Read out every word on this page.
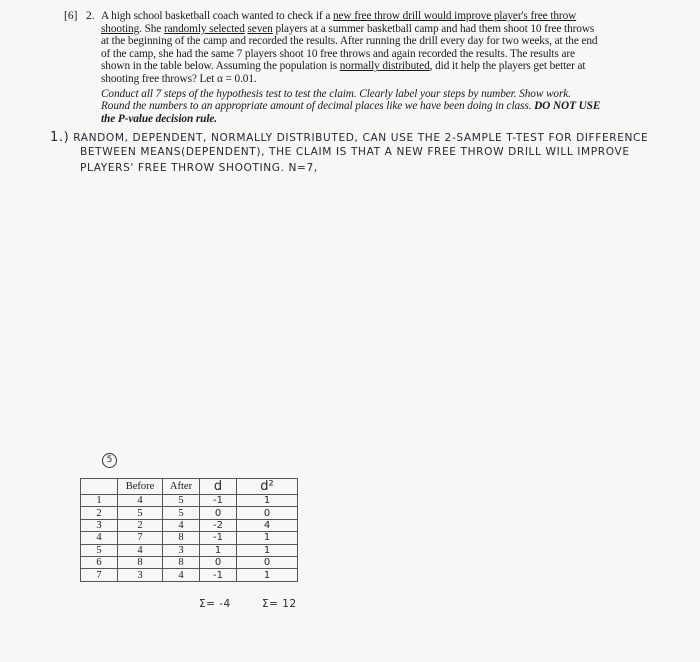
[6] 2. A high school basketball coach wanted to check if a new free throw drill would improve player's free throw shooting. She randomly selected seven players at a summer basketball camp and had them shoot 10 free throws at the beginning of the camp and recorded the results. After running the drill every day for two weeks, at the end of the camp, she had the same 7 players shoot 10 free throws and again recorded the results. The results are shown in the table below. Assuming the population is normally distributed, did it help the players get better at shooting free throws? Let α = 0.01.

Conduct all 7 steps of the hypothesis test to test the claim. Clearly label your steps by number. Show work. Round the numbers to an appropriate amount of decimal places like we have been doing in class. DO NOT USE the P-value decision rule.

1.) RANDOM, DEPENDENT, NORMALLY DISTRIBUTED, CAN USE THE 2-SAMPLE T-TEST FOR DIFFERENCE
BETWEEN MEANS(DEPENDENT), THE CLAIM IS THAT A NEW FREE THROW DRILL WILL IMPROVE
PLAYERS' FREE THROW SHOOTING. N=7,
5
	Before	After	d	d²
1	4	5	-1	1
2	5	5	0	0
3	2	4	-2	4
4	7	8	-1	1
5	4	3	1	1
6	8	8	0	0
7	3	4	-1	1
Σ= -4	Σ= 12
